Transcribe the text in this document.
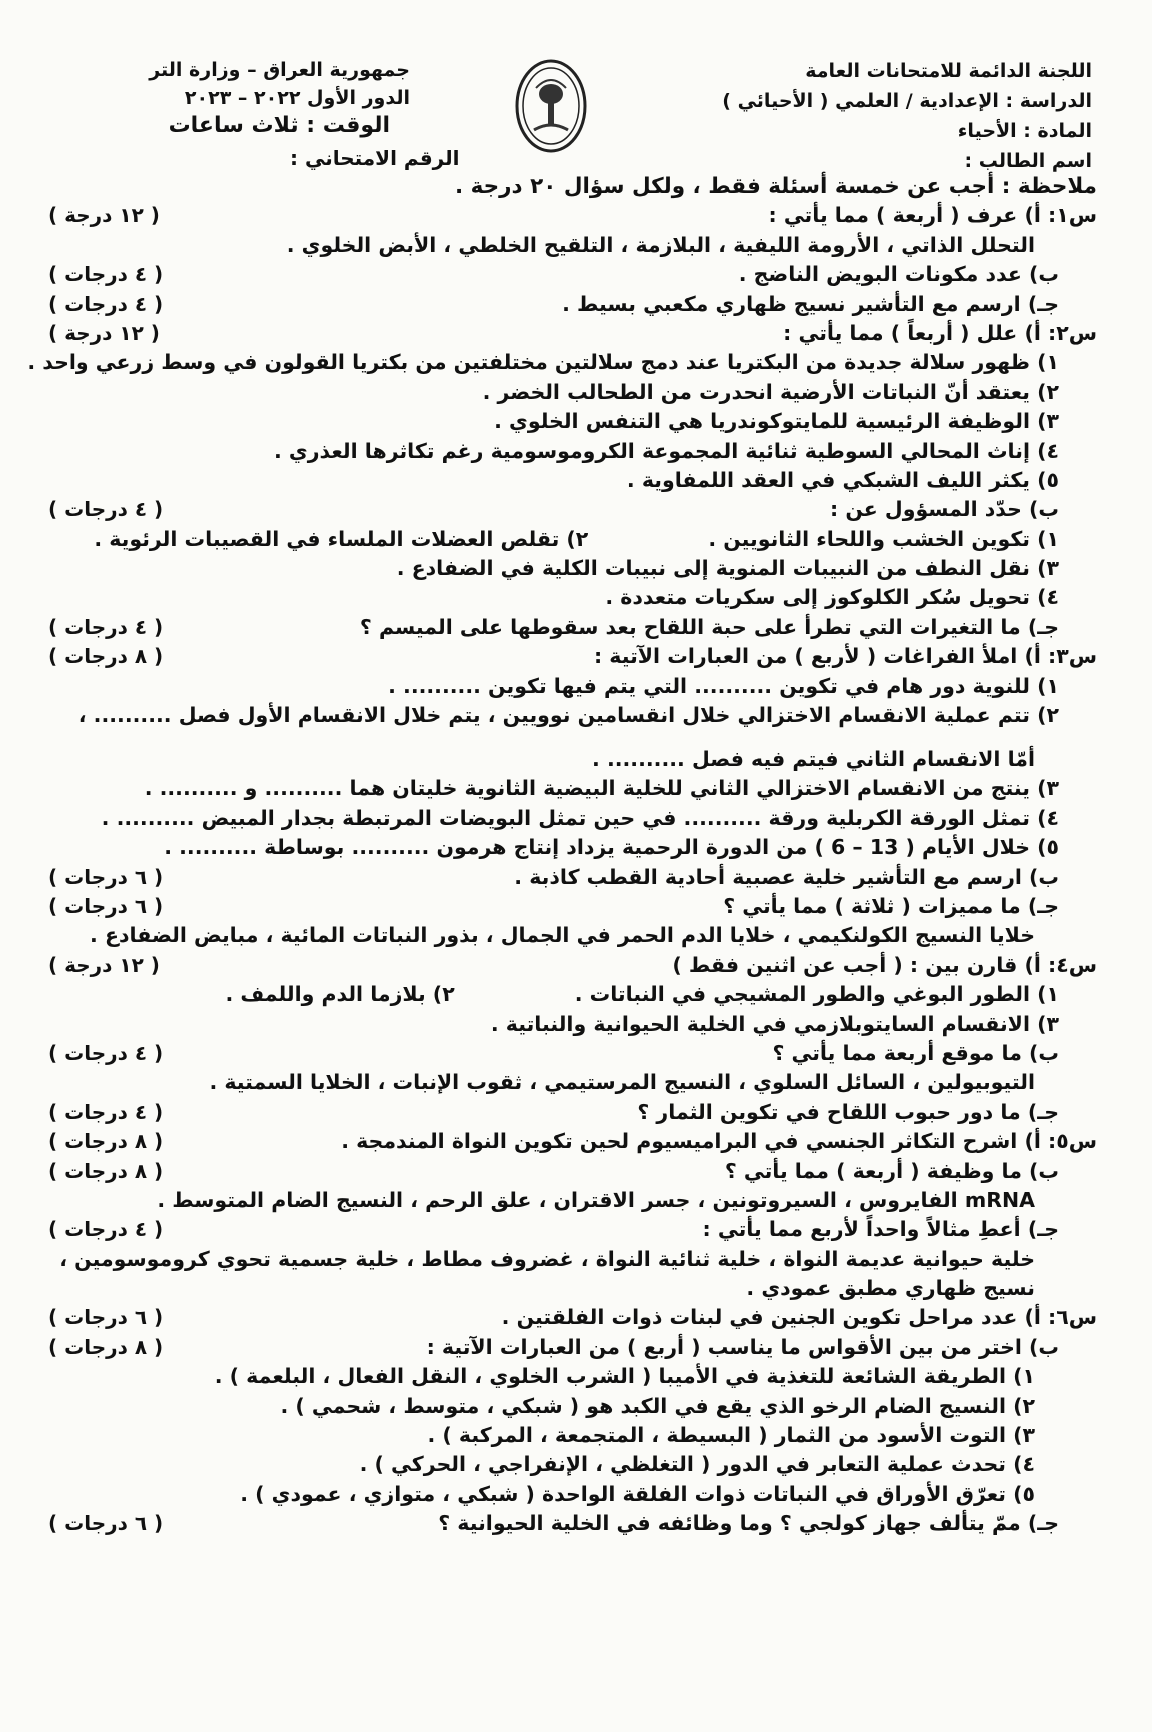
اللجنة الدائمة للامتحانات العامة
الدراسة : الإعدادية / العلمي ( الأحيائي )
المادة : الأحياء
اسم الطالب :
جمهورية العراق – وزارة التر
الدور الأول ٢٠٢٢ – ٢٠٢٣
الوقت : ثلاث ساعات
الرقم الامتحاني :
ملاحظة : أجب عن خمسة أسئلة فقط ، ولكل سؤال ٢٠ درجة .
س١: أ) عرف ( أربعة ) مما يأتي :
( ١٢ درجة )
التحلل الذاتي ، الأرومة الليفية ، البلازمة ، التلقيح الخلطي ، الأبض الخلوي .
ب) عدد مكونات البويض الناضج .
( ٤ درجات )
جـ) ارسم مع التأشير نسيج ظهاري مكعبي بسيط .
( ٤ درجات )
س٢: أ) علل ( أربعاً ) مما يأتي :
( ١٢ درجة )
١) ظهور سلالة جديدة من البكتريا عند دمج سلالتين مختلفتين من بكتريا القولون في وسط زرعي واحد .
٢) يعتقد أنّ النباتات الأرضية انحدرت من الطحالب الخضر .
٣) الوظيفة الرئيسية للمايتوكوندريا هي التنفس الخلوي .
٤) إناث المحالي السوطية ثنائية المجموعة الكروموسومية رغم تكاثرها العذري .
٥) يكثر الليف الشبكي في العقد اللمفاوية .
ب) حدّد المسؤول عن :
( ٤ درجات )
١) تكوين الخشب واللحاء الثانويين .٢) تقلص العضلات الملساء في القصيبات الرئوية .
٣) نقل النطف من النبيبات المنوية إلى نبيبات الكلية في الضفادع .
٤) تحويل سُكر الكلوكوز إلى سكريات متعددة .
جـ) ما التغيرات التي تطرأ على حبة اللقاح بعد سقوطها على الميسم ؟
( ٤ درجات )
س٣: أ) املأ الفراغات ( لأربع ) من العبارات الآتية :
( ٨ درجات )
١) للنوية دور هام في تكوين .......... التي يتم فيها تكوين .......... .
٢) تتم عملية الانقسام الاختزالي خلال انقسامين نوويين ، يتم خلال الانقسام الأول فصل .......... ،
أمّا الانقسام الثاني فيتم فيه فصل .......... .
٣) ينتج من الانقسام الاختزالي الثاني للخلية البيضية الثانوية خليتان هما .......... و .......... .
٤) تمثل الورقة الكربلية ورقة .......... في حين تمثل البويضات المرتبطة بجدار المبيض .......... .
٥) خلال الأيام ( 13 – 6 ) من الدورة الرحمية يزداد إنتاج هرمون .......... بوساطة .......... .
ب) ارسم مع التأشير خلية عصبية أحادية القطب كاذبة .
( ٦ درجات )
جـ) ما مميزات ( ثلاثة ) مما يأتي ؟
( ٦ درجات )
خلايا النسيج الكولنكيمي ، خلايا الدم الحمر في الجمال ، بذور النباتات المائية ، مبايض الضفادع .
س٤: أ) قارن بين : ( أجب عن اثنين فقط )
( ١٢ درجة )
١) الطور البوغي والطور المشيجي في النباتات .٢) بلازما الدم واللمف .
٣) الانقسام السايتوبلازمي في الخلية الحيوانية والنباتية .
ب) ما موقع أربعة مما يأتي ؟
( ٤ درجات )
التيوبيولين ، السائل السلوي ، النسيج المرستيمي ، ثقوب الإنبات ، الخلايا السمتية .
جـ) ما دور حبوب اللقاح في تكوين الثمار ؟
( ٤ درجات )
س٥: أ) اشرح التكاثر الجنسي في البراميسيوم لحين تكوين النواة المندمجة .
( ٨ درجات )
ب) ما وظيفة ( أربعة ) مما يأتي ؟
( ٨ درجات )
mRNA الفايروس ، السيروتونين ، جسر الاقتران ، علق الرحم ، النسيج الضام المتوسط .
جـ) أعطِ مثالاً واحداً لأربع مما يأتي :
( ٤ درجات )
خلية حيوانية عديمة النواة ، خلية ثنائية النواة ، غضروف مطاط ، خلية جسمية تحوي كروموسومين ،
نسيج ظهاري مطبق عمودي .
س٦: أ) عدد مراحل تكوين الجنين في لبنات ذوات الفلقتين .
( ٦ درجات )
ب) اختر من بين الأقواس ما يناسب ( أربع ) من العبارات الآتية :
( ٨ درجات )
١) الطريقة الشائعة للتغذية في الأميبا ( الشرب الخلوي ، النقل الفعال ، البلعمة ) .
٢) النسيج الضام الرخو الذي يقع في الكبد هو ( شبكي ، متوسط ، شحمي ) .
٣) التوت الأسود من الثمار ( البسيطة ، المتجمعة ، المركبة ) .
٤) تحدث عملية التعابر في الدور ( التغلظي ، الإنفراجي ، الحركي ) .
٥) تعرّق الأوراق في النباتات ذوات الفلقة الواحدة ( شبكي ، متوازي ، عمودي ) .
جـ) ممّ يتألف جهاز كولجي ؟ وما وظائفه في الخلية الحيوانية ؟
( ٦ درجات )
